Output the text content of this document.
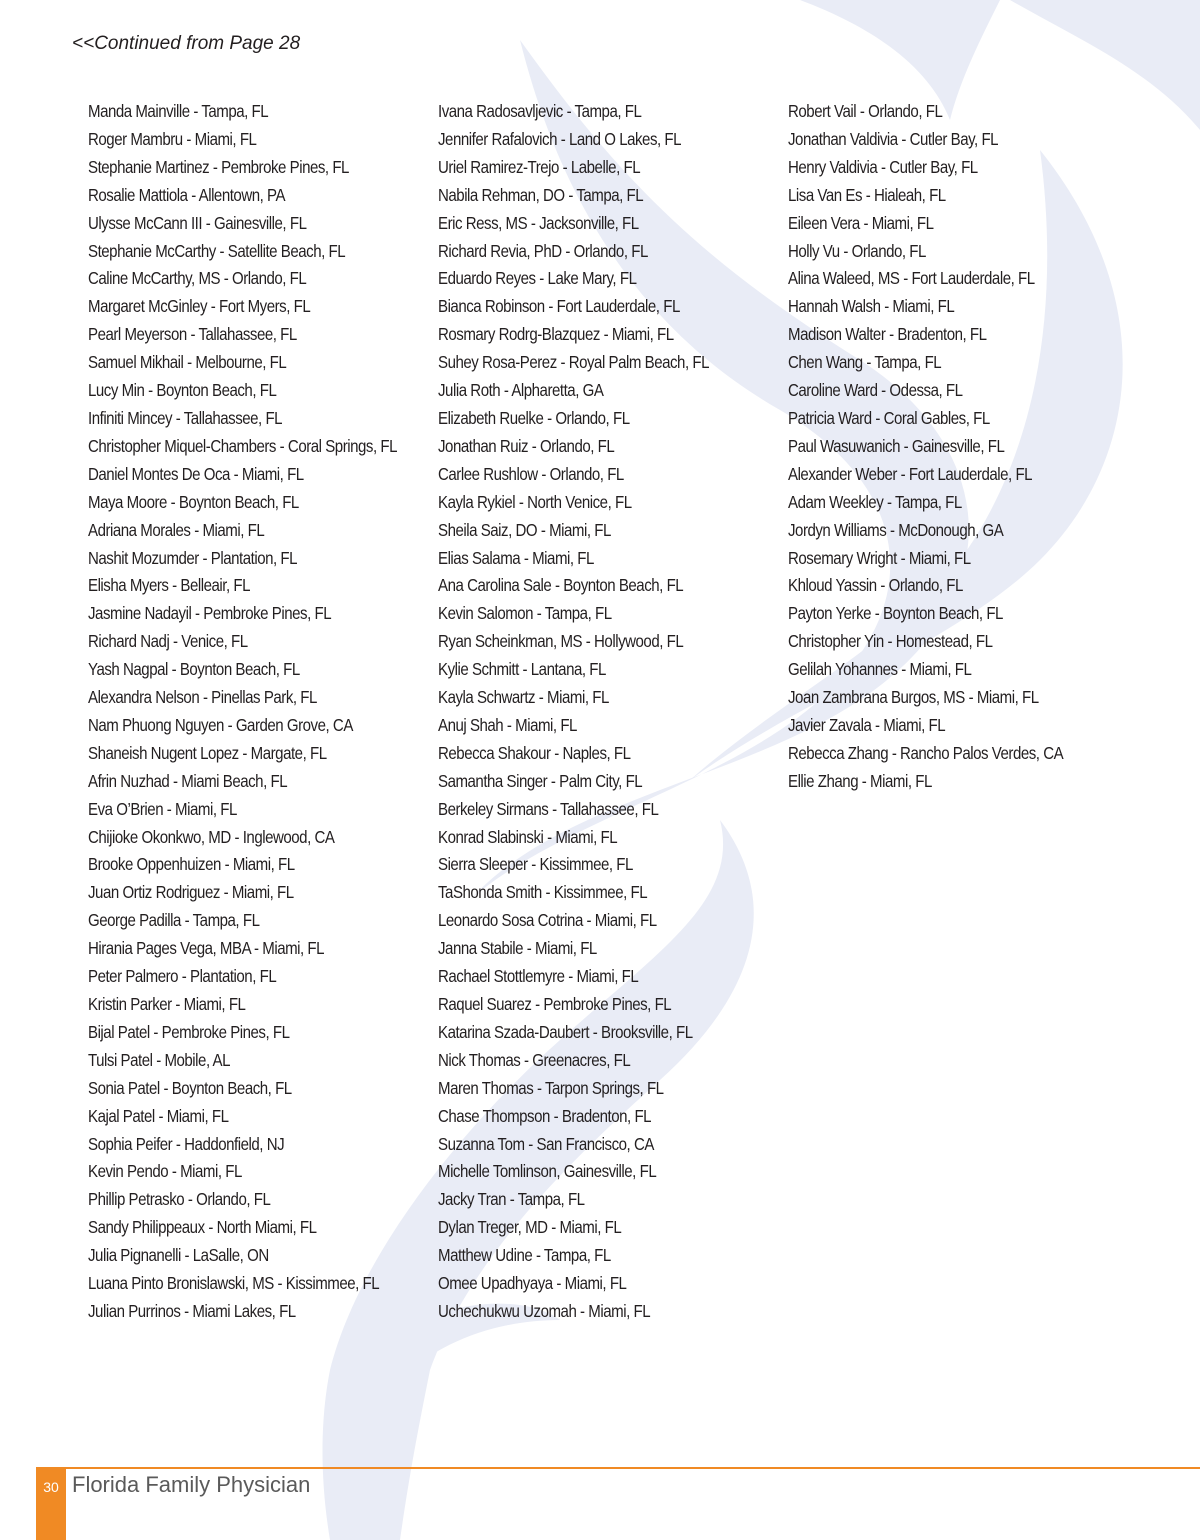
<<Continued from Page 28
Manda Mainville - Tampa, FL
Roger Mambru - Miami, FL
Stephanie Martinez - Pembroke Pines, FL
Rosalie Mattiola - Allentown, PA
Ulysse McCann III - Gainesville, FL
Stephanie McCarthy - Satellite Beach, FL
Caline McCarthy, MS - Orlando, FL
Margaret McGinley - Fort Myers, FL
Pearl Meyerson - Tallahassee, FL
Samuel Mikhail - Melbourne, FL
Lucy Min - Boynton Beach, FL
Infiniti Mincey - Tallahassee, FL
Christopher Miquel-Chambers - Coral Springs, FL
Daniel Montes De Oca - Miami, FL
Maya Moore - Boynton Beach, FL
Adriana Morales - Miami, FL
Nashit Mozumder - Plantation, FL
Elisha Myers - Belleair, FL
Jasmine Nadayil - Pembroke Pines, FL
Richard Nadj - Venice, FL
Yash Nagpal - Boynton Beach, FL
Alexandra Nelson - Pinellas Park, FL
Nam Phuong Nguyen - Garden Grove, CA
Shaneish Nugent Lopez - Margate, FL
Afrin Nuzhad - Miami Beach, FL
Eva O’Brien - Miami, FL
Chijioke Okonkwo, MD - Inglewood, CA
Brooke Oppenhuizen - Miami, FL
Juan Ortiz Rodriguez - Miami, FL
George Padilla - Tampa, FL
Hirania Pages Vega, MBA - Miami, FL
Peter Palmero - Plantation, FL
Kristin Parker - Miami, FL
Bijal Patel - Pembroke Pines, FL
Tulsi Patel - Mobile, AL
Sonia Patel - Boynton Beach, FL
Kajal Patel - Miami, FL
Sophia Peifer - Haddonfield, NJ
Kevin Pendo - Miami, FL
Phillip Petrasko - Orlando, FL
Sandy Philippeaux - North Miami, FL
Julia Pignanelli - LaSalle, ON
Luana Pinto Bronislawski, MS - Kissimmee, FL
Julian Purrinos - Miami Lakes, FL
Ivana Radosavljevic - Tampa, FL
Jennifer Rafalovich - Land O Lakes, FL
Uriel Ramirez-Trejo - Labelle, FL
Nabila Rehman, DO - Tampa, FL
Eric Ress, MS - Jacksonville, FL
Richard Revia, PhD - Orlando, FL
Eduardo Reyes - Lake Mary, FL
Bianca Robinson - Fort Lauderdale, FL
Rosmary Rodrg-Blazquez - Miami, FL
Suhey Rosa-Perez - Royal Palm Beach, FL
Julia Roth - Alpharetta, GA
Elizabeth Ruelke - Orlando, FL
Jonathan Ruiz - Orlando, FL
Carlee Rushlow - Orlando, FL
Kayla Rykiel - North Venice, FL
Sheila Saiz, DO - Miami, FL
Elias Salama - Miami, FL
Ana Carolina Sale - Boynton Beach, FL
Kevin Salomon - Tampa, FL
Ryan Scheinkman, MS - Hollywood, FL
Kylie Schmitt - Lantana, FL
Kayla Schwartz - Miami, FL
Anuj Shah - Miami, FL
Rebecca Shakour - Naples, FL
Samantha Singer - Palm City, FL
Berkeley Sirmans - Tallahassee, FL
Konrad Slabinski - Miami, FL
Sierra Sleeper - Kissimmee, FL
TaShonda Smith - Kissimmee, FL
Leonardo Sosa Cotrina - Miami, FL
Janna Stabile - Miami, FL
Rachael Stottlemyre - Miami, FL
Raquel Suarez - Pembroke Pines, FL
Katarina Szada-Daubert - Brooksville, FL
Nick Thomas - Greenacres, FL
Maren Thomas - Tarpon Springs, FL
Chase Thompson - Bradenton, FL
Suzanna Tom - San Francisco, CA
Michelle Tomlinson, Gainesville, FL
Jacky Tran - Tampa, FL
Dylan Treger, MD - Miami, FL
Matthew Udine - Tampa, FL
Omee Upadhyaya - Miami, FL
Uchechukwu Uzomah - Miami, FL
Robert Vail - Orlando, FL
Jonathan Valdivia - Cutler Bay, FL
Henry Valdivia - Cutler Bay, FL
Lisa Van Es - Hialeah, FL
Eileen Vera - Miami, FL
Holly Vu - Orlando, FL
Alina Waleed, MS - Fort Lauderdale, FL
Hannah Walsh - Miami, FL
Madison Walter - Bradenton, FL
Chen Wang - Tampa, FL
Caroline Ward - Odessa, FL
Patricia Ward - Coral Gables, FL
Paul Wasuwanich - Gainesville, FL
Alexander Weber - Fort Lauderdale, FL
Adam Weekley - Tampa, FL
Jordyn Williams - McDonough, GA
Rosemary Wright - Miami, FL
Khloud Yassin - Orlando, FL
Payton Yerke - Boynton Beach, FL
Christopher Yin - Homestead, FL
Gelilah Yohannes - Miami, FL
Joan Zambrana Burgos, MS - Miami, FL
Javier Zavala - Miami, FL
Rebecca Zhang - Rancho Palos Verdes, CA
Ellie Zhang - Miami, FL
30 Florida Family Physician
